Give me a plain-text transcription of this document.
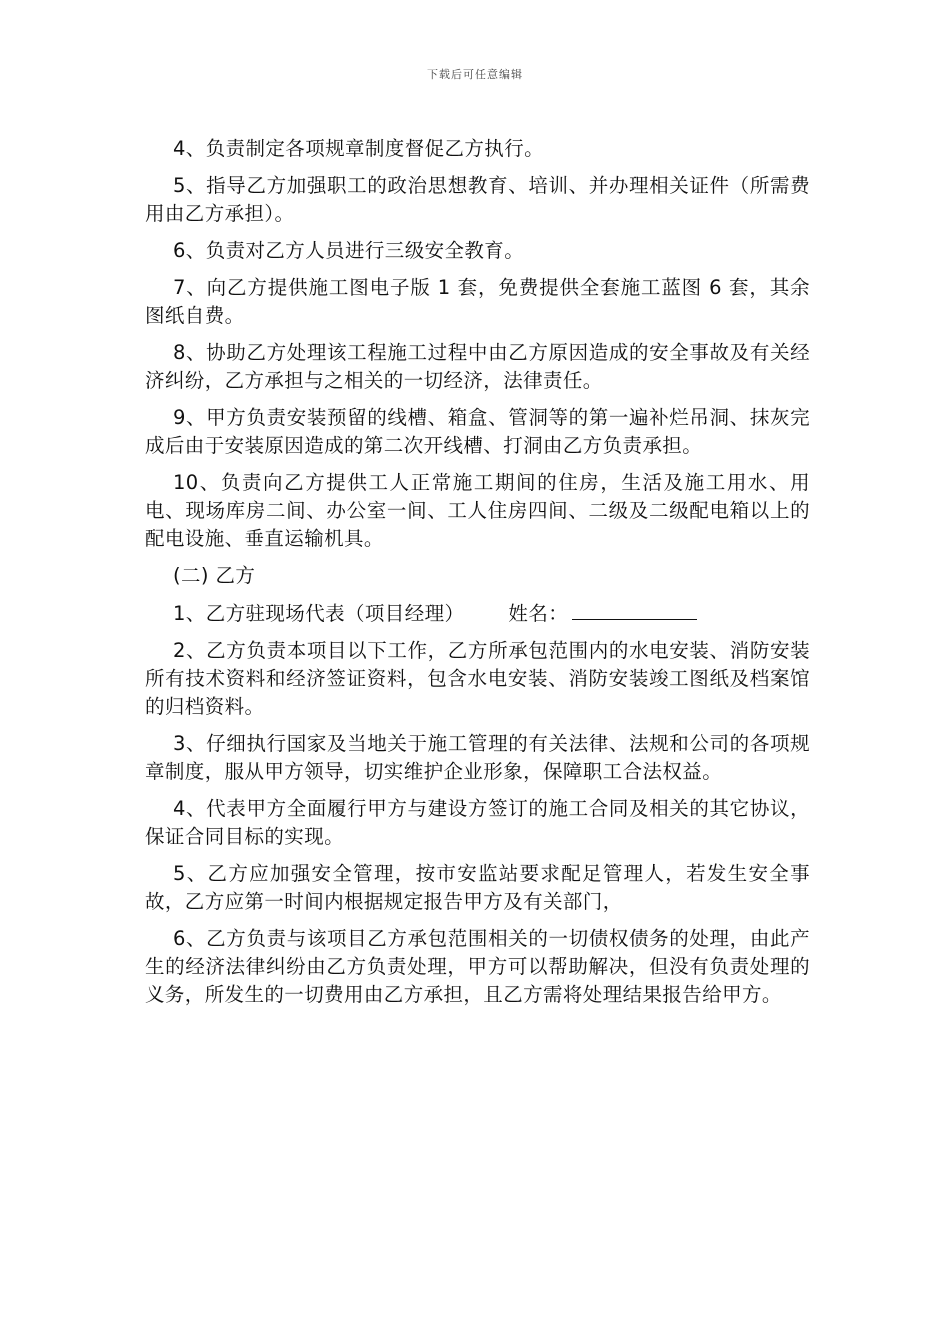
下载后可任意编辑

4、负责制定各项规章制度督促乙方执行。

5、指导乙方加强职工的政治思想教育、培训、并办理相关证件（所需费用由乙方承担）。

6、负责对乙方人员进行三级安全教育。

7、向乙方提供施工图电子版 1 套，免费提供全套施工蓝图 6 套，其余图纸自费。

8、协助乙方处理该工程施工过程中由乙方原因造成的安全事故及有关经济纠纷，乙方承担与之相关的一切经济，法律责任。

9、甲方负责安装预留的线槽、箱盒、管洞等的第一遍补烂吊洞、抹灰完成后由于安装原因造成的第二次开线槽、打洞由乙方负责承担。

10、负责向乙方提供工人正常施工期间的住房，生活及施工用水、用电、现场库房二间、办公室一间、工人住房四间、二级及二级配电箱以上的配电设施、垂直运输机具。

(二) 乙方

1、乙方驻现场代表（项目经理） 姓名：

2、乙方负责本项目以下工作，乙方所承包范围内的水电安装、消防安装所有技术资料和经济签证资料，包含水电安装、消防安装竣工图纸及档案馆的归档资料。

3、仔细执行国家及当地关于施工管理的有关法律、法规和公司的各项规章制度，服从甲方领导，切实维护企业形象，保障职工合法权益。

4、代表甲方全面履行甲方与建设方签订的施工合同及相关的其它协议，保证合同目标的实现。

5、乙方应加强安全管理，按市安监站要求配足管理人，若发生安全事故，乙方应第一时间内根据规定报告甲方及有关部门，

6、乙方负责与该项目乙方承包范围相关的一切债权债务的处理，由此产生的经济法律纠纷由乙方负责处理，甲方可以帮助解决，但没有负责处理的义务，所发生的一切费用由乙方承担，且乙方需将处理结果报告给甲方。
